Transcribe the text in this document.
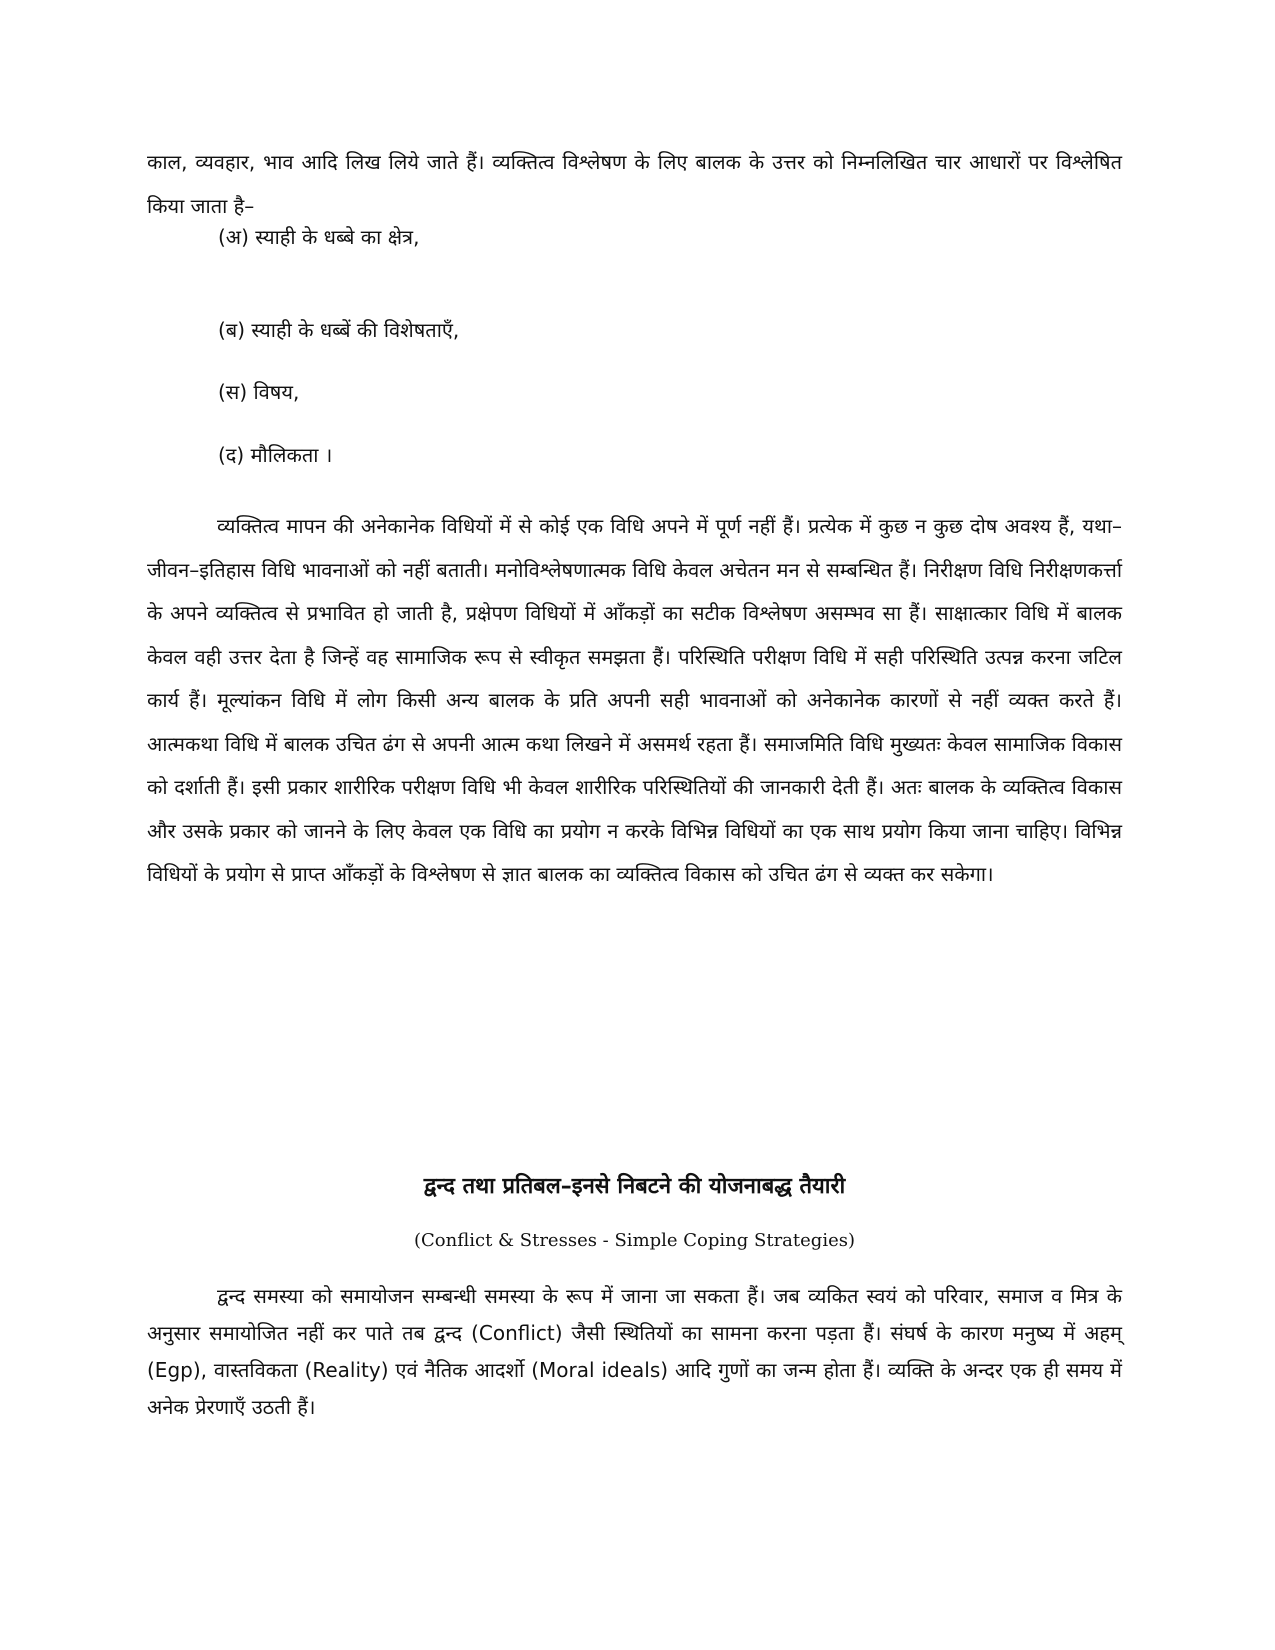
काल, व्यवहार, भाव आदि लिख लिये जाते हैं। व्यक्तित्व विश्लेषण के लिए बालक के उत्तर को निम्नलिखित चार आधारों पर विश्लेषित किया जाता है–

(अ) स्याही के धब्बे का क्षेत्र,

(ब) स्याही के धब्बें की विशेषताएँ,

(स) विषय,

(द) मौलिकता ।

व्यक्तित्व मापन की अनेकानेक विधियों में से कोई एक विधि अपने में पूर्ण नहीं हैं। प्रत्येक में कुछ न कुछ दोष अवश्य हैं, यथा– जीवन–इतिहास विधि भावनाओं को नहीं बताती। मनोविश्लेषणात्मक विधि केवल अचेतन मन से सम्बन्धित हैं। निरीक्षण विधि निरीक्षणकर्त्ता के अपने व्यक्तित्व से प्रभावित हो जाती है, प्रक्षेपण विधियों में आँकड़ों का सटीक विश्लेषण असम्भव सा हैं। साक्षात्कार विधि में बालक केवल वही उत्तर देता है जिन्हें वह सामाजिक रूप से स्वीकृत समझता हैं। परिस्थिति परीक्षण विधि में सही परिस्थिति उत्पन्न करना जटिल कार्य हैं। मूल्यांकन विधि में लोग किसी अन्य बालक के प्रति अपनी सही भावनाओं को अनेकानेक कारणों से नहीं व्यक्त करते हैं। आत्मकथा विधि में बालक उचित ढंग से अपनी आत्म कथा लिखने में असमर्थ रहता हैं। समाजमिति विधि मुख्यतः केवल सामाजिक विकास को दर्शाती हैं। इसी प्रकार शारीरिक परीक्षण विधि भी केवल शारीरिक परिस्थितियों की जानकारी देती हैं। अतः बालक के व्यक्तित्व विकास और उसके प्रकार को जानने के लिए केवल एक विधि का प्रयोग न करके विभिन्न विधियों का एक साथ प्रयोग किया जाना चाहिए। विभिन्न विधियों के प्रयोग से प्राप्त आँकड़ों के विश्लेषण से ज्ञात बालक का व्यक्तित्व विकास को उचित ढंग से व्यक्त कर सकेगा।

द्वन्द तथा प्रतिबल–इनसे निबटने की योजनाबद्ध तैयारी

(Conflict & Stresses - Simple Coping Strategies)

द्वन्द समस्या को समायोजन सम्बन्धी समस्या के रूप में जाना जा सकता हैं। जब व्यकित स्वयं को परिवार, समाज व मित्र के अनुसार समायोजित नहीं कर पाते तब द्वन्द (Conflict) जैसी स्थितियों का सामना करना पड़ता हैं। संघर्ष के कारण मनुष्य में अहम् (Egp), वास्तविकता (Reality) एवं नैतिक आदर्शो (Moral ideals) आदि गुणों का जन्म होता हैं। व्यक्ति के अन्दर एक ही समय में अनेक प्रेरणाएँ उठती हैं।
